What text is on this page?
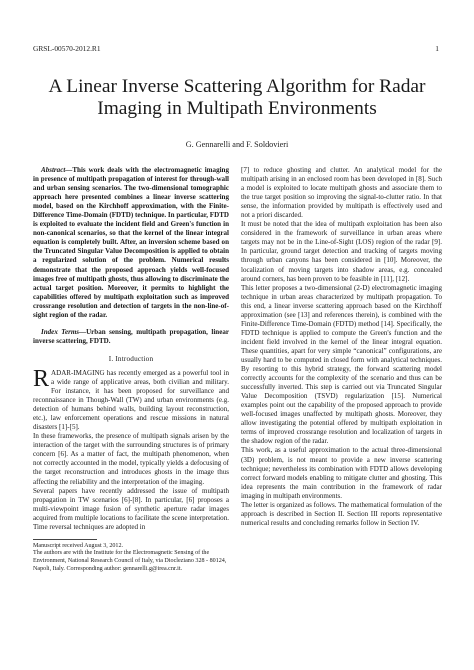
GRSL-00570-2012.R1	1
A Linear Inverse Scattering Algorithm for Radar Imaging in Multipath Environments
G. Gennarelli and F. Soldovieri

Abstract—This work deals with the electromagnetic imaging in presence of multipath propagation of interest for through-wall and urban sensing scenarios. The two-dimensional tomographic approach here presented combines a linear inverse scattering model, based on the Kirchhoff approximation, with the Finite-Difference Time-Domain (FDTD) technique. In particular, FDTD is exploited to evaluate the incident field and Green's function in non-canonical scenarios, so that the kernel of the linear integral equation is completely built. After, an inversion scheme based on the Truncated Singular Value Decomposition is applied to obtain a regularized solution of the problem. Numerical results demonstrate that the proposed approach yields well-focused images free of multipath ghosts, thus allowing to discriminate the actual target position. Moreover, it permits to highlight the capabilities offered by multipath exploitation such as improved crossrange resolution and detection of targets in the non-line-of-sight region of the radar.

Index Terms—Urban sensing, multipath propagation, linear inverse scattering, FDTD.

I. Introduction

RADAR-IMAGING has recently emerged as a powerful tool in a wide range of applicative areas, both civilian and military. For instance, it has been proposed for surveillance and reconnaissance in Though-Wall (TW) and urban environments (e.g. detection of humans behind walls, building layout reconstruction, etc.), law enforcement operations and rescue missions in natural disasters [1]-[5].

In these frameworks, the presence of multipath signals arisen by the interaction of the target with the surrounding structures is of primary concern [6]. As a matter of fact, the multipath phenomenon, when not correctly accounted in the model, typically yields a defocusing of the target reconstruction and introduces ghosts in the image thus affecting the reliability and the interpretation of the imaging.

Several papers have recently addressed the issue of multipath propagation in TW scenarios [6]-[8]. In particular, [6] proposes a multi-viewpoint image fusion of synthetic aperture radar images acquired from multiple locations to facilitate the scene interpretation. Time reversal techniques are adopted in

Manuscript received August 3, 2012.

The authors are with the Institute for the Electromagnetic Sensing of the Environment, National Research Council of Italy, via Diocleziano 328 - 80124, Napoli, Italy. Corresponding author: gennarelli.g@irea.cnr.it.

[7] to reduce ghosting and clutter. An analytical model for the multipath arising in an enclosed room has been developed in [8]. Such a model is exploited to locate multipath ghosts and associate them to the true target position so improving the signal-to-clutter ratio. In that sense, the information provided by multipath is effectively used and not a priori discarded.

It must be noted that the idea of multipath exploitation has been also considered in the framework of surveillance in urban areas where targets may not be in the Line-of-Sight (LOS) region of the radar [9]. In particular, ground target detection and tracking of targets moving through urban canyons has been considered in [10]. Moreover, the localization of moving targets into shadow areas, e.g. concealed around corners, has been proven to be feasible in [11], [12].

This letter proposes a two-dimensional (2-D) electromagnetic imaging technique in urban areas characterized by multipath propagation. To this end, a linear inverse scattering approach based on the Kirchhoff approximation (see [13] and references therein), is combined with the Finite-Difference Time-Domain (FDTD) method [14]. Specifically, the FDTD technique is applied to compute the Green's function and the incident field involved in the kernel of the linear integral equation. These quantities, apart for very simple “canonical” configurations, are usually hard to be computed in closed form with analytical techniques. By resorting to this hybrid strategy, the forward scattering model correctly accounts for the complexity of the scenario and thus can be successfully inverted. This step is carried out via Truncated Singular Value Decomposition (TSVD) regularization [15]. Numerical examples point out the capability of the proposed approach to provide well-focused images unaffected by multipath ghosts. Moreover, they allow investigating the potential offered by multipath exploitation in terms of improved crossrange resolution and localization of targets in the shadow region of the radar.

This work, as a useful approximation to the actual three-dimensional (3D) problem, is not meant to provide a new inverse scattering technique; nevertheless its combination with FDTD allows developing correct forward models enabling to mitigate clutter and ghosting. This idea represents the main contribution in the framework of radar imaging in multipath environments.

The letter is organized as follows. The mathematical formulation of the approach is described in Section II. Section III reports representative numerical results and concluding remarks follow in Section IV.
